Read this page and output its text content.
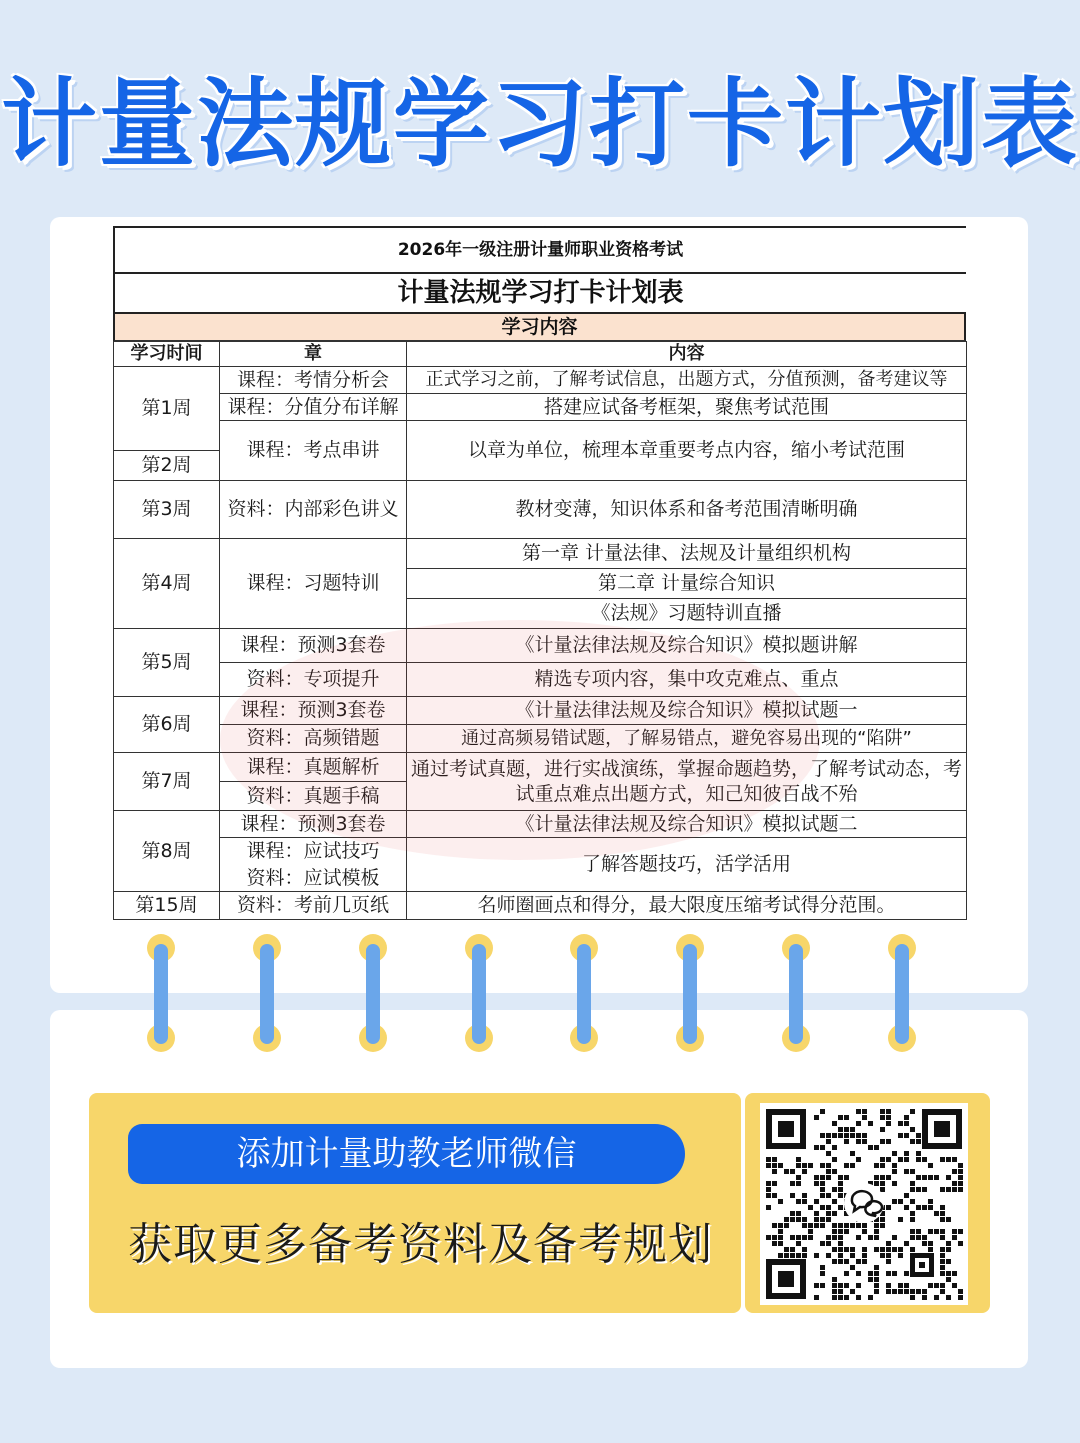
计量法规学习打卡计划表
2026年一级注册计量师职业资格考试
计量法规学习打卡计划表
学习内容
学习时间	章	内容
第1周	课程：考情分析会	正式学习之前，了解考试信息，出题方式，分值预测，备考建议等
	课程：分值分布详解	搭建应试备考框架，聚焦考试范围
	课程：考点串讲	以章为单位，梳理本章重要考点内容，缩小考试范围
第2周		
第3周	资料：内部彩色讲义	教材变薄，知识体系和备考范围清晰明确
第4周	课程：习题特训	第一章 计量法律、法规及计量组织机构
		第二章 计量综合知识
		《法规》习题特训直播
第5周	课程：预测3套卷	《计量法律法规及综合知识》模拟题讲解
	资料：专项提升	精选专项内容，集中攻克难点、重点
第6周	课程：预测3套卷	《计量法律法规及综合知识》模拟试题一
	资料：高频错题	通过高频易错试题，了解易错点，避免容易出现的“陷阱”
第7周	课程：真题解析	通过考试真题，进行实战演练，掌握命题趋势，了解考试动态，考试重点难点出题方式，知己知彼百战不殆
	资料：真题手稿	
第8周	课程：预测3套卷	《计量法律法规及综合知识》模拟试题二
	课程：应试技巧	了解答题技巧，活学活用
	资料：应试模板	
第15周	资料：考前几页纸	名师圈画点和得分，最大限度压缩考试得分范围。
添加计量助教老师微信
获取更多备考资料及备考规划
